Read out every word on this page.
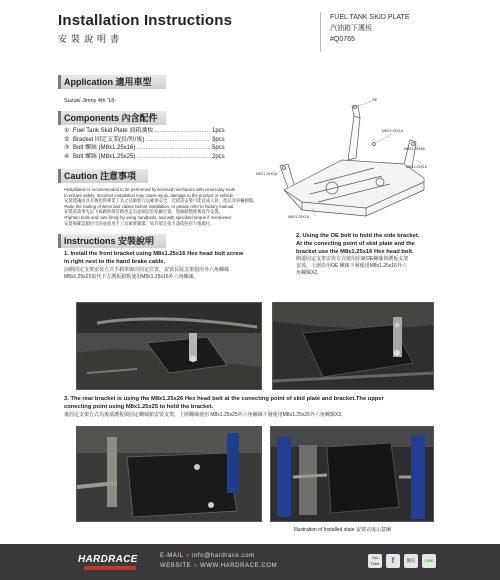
Installation Instructions
安裝說明書
FUEL TANK SKID PLATE
汽油箱下護板
#Q0765
Application 適用車型
Suzuki Jimny 4th '18-
Components 內含配件
① Fuel Tank Skid Plate 油箱護板 .....	1pcs
② Bracket 固定支架(長/短/後) .....	3pcs
③ Bolt 螺絲 (M8x1.25x16) .....	5pcs
④ Bolt 螺絲 (M8x1.25x25) .....	2pcs
Caution 注意事項
•Installation is recommended to be performed by licensed mechanics with necessary tools
to ensure safety. Incorrect installation may cause injury, damage to the product or vehicle.
安裝建議由具有執照與專業工具之技師進行以確保安全，若錯誤安裝可能造成人員、產品及車輛損傷。
•Note the routing of wires and cables before installation, or please refer to factory manual.
安裝前請事先記下線路與排管路徑走向並圖記於原廠位置，將線路整理後再作安裝。
•Tighten bolts and nuts firmly by using handtools, and with specified torque if mentioned.
安裝後確認鎖付牢固並使用手工具確實鎖緊，如有規定扭力請依照扭力值鎖付。
OE
M8X1.25X16
M8X1.25X25
M8X1.25X16
M8X1.25X16
M8X1.25X16
Instructions 安裝說明
1. Install the front bracket using M8x1.25x16 Hex head bolt screw
in right next to the hand brake cable.
前側固定支架安裝方式手剎車線旁固定位置，安裝長版支架使用外六角螺絲
M8x1.25x25取代下方護板鎖點使用M8x1.25x16外六角螺絲。
2. Using the OE bolt to hold the side bracket.
At the conecting point of skid plate and the
bracket use the M8x1.25x16 Hex head bolt.
側邊固定支架安裝方式使用原廠OE螺絲與護板支架
安裝，上層沿用OE 螺絲下層使用M8x1.25x16外六
角螺絲X2。
3. The rear bracket is using the M8x1.25x26 Hex head bolt at the conecting point of skid plate and bracket.The upper
conecting point using M8x1.25x25 to hold the bracket.
後固定支架方式為後端護板與固定螺絲點安裝支架，上層螺絲使用 M8x1.25x25外六角螺絲下層使用M8x1.25x26外六角螺絲X2。
Illustration of Installed state 安裝完成示意圖
HARDRACE	E-MAIL ● info@hardrace.com
WEBSITE ● WWW.HARDRACE.COM
You Tube	f	微信	LINE
